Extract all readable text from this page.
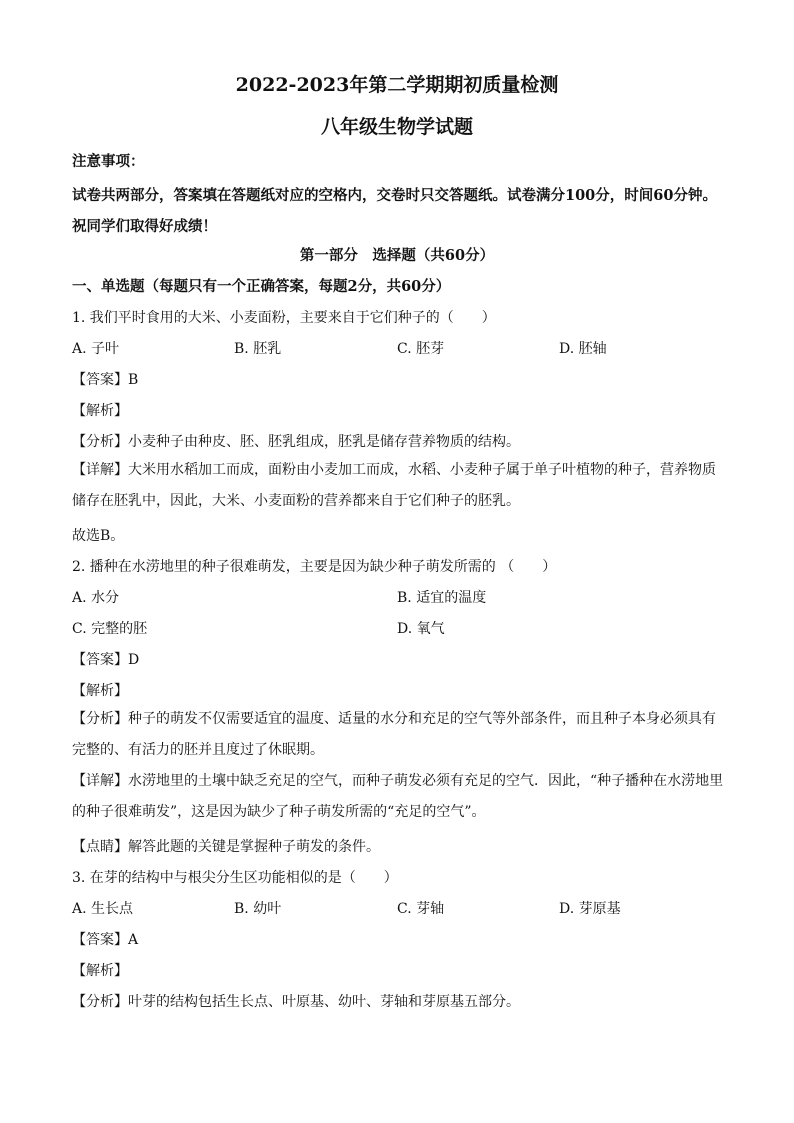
2022-2023年第二学期期初质量检测
八年级生物学试题
注意事项：
试卷共两部分，答案填在答题纸对应的空格内，交卷时只交答题纸。试卷满分100分，时间60分钟。祝同学们取得好成绩！
第一部分　选择题（共60分）
一、单选题（每题只有一个正确答案，每题2分，共60分）
1. 我们平时食用的大米、小麦面粉，主要来自于它们种子的（　　）
A. 子叶	B. 胚乳	C. 胚芽	D. 胚轴
【答案】B
【解析】
【分析】小麦种子由种皮、胚、胚乳组成，胚乳是储存营养物质的结构。
【详解】大米用水稻加工而成，面粉由小麦加工而成，水稻、小麦种子属于单子叶植物的种子，营养物质储存在胚乳中，因此，大米、小麦面粉的营养都来自于它们种子的胚乳。
故选B。
2. 播种在水涝地里的种子很难萌发，主要是因为缺少种子萌发所需的 （　　）
A. 水分	B. 适宜的温度
C. 完整的胚	D. 氧气
【答案】D
【解析】
【分析】种子的萌发不仅需要适宜的温度、适量的水分和充足的空气等外部条件，而且种子本身必须具有完整的、有活力的胚并且度过了休眠期。
【详解】水涝地里的土壤中缺乏充足的空气，而种子萌发必须有充足的空气．因此，“种子播种在水涝地里的种子很难萌发”，这是因为缺少了种子萌发所需的“充足的空气”。
【点睛】解答此题的关键是掌握种子萌发的条件。
3. 在芽的结构中与根尖分生区功能相似的是（　　）
A. 生长点	B. 幼叶	C. 芽轴	D. 芽原基
【答案】A
【解析】
【分析】叶芽的结构包括生长点、叶原基、幼叶、芽轴和芽原基五部分。
